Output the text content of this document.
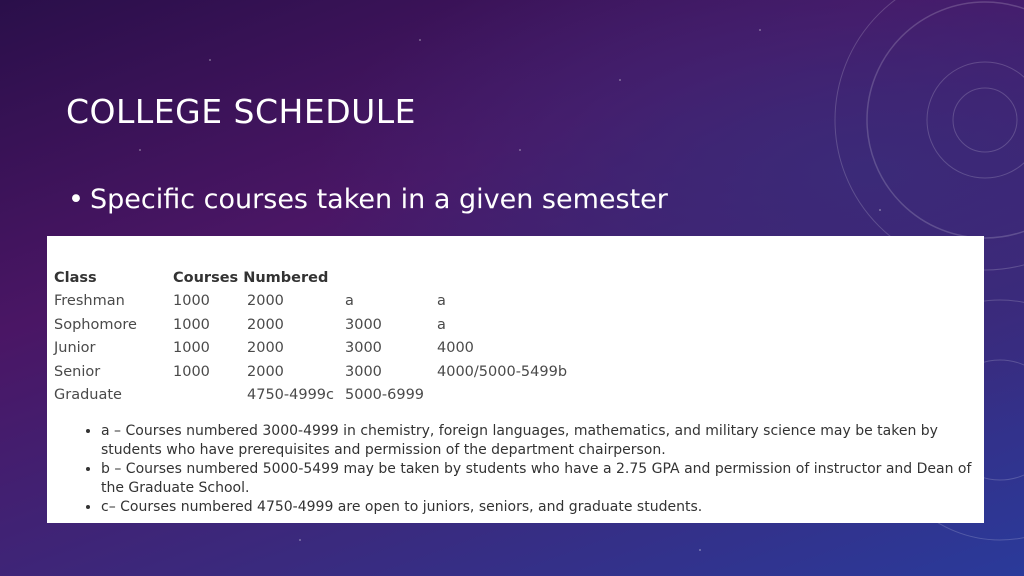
COLLEGE SCHEDULE
• Specific courses taken in a given semester
Class	Courses Numbered			
Freshman	1000	2000	a	a
Sophomore	1000	2000	3000	a
Junior	1000	2000	3000	4000
Senior	1000	2000	3000	4000/5000-5499b
Graduate		4750-4999c	5000-6999	
• a – Courses numbered 3000-4999 in chemistry, foreign languages, mathematics, and military science may be taken by students who have prerequisites and permission of the department chairperson.
• b – Courses numbered 5000-5499 may be taken by students who have a 2.75 GPA and permission of instructor and Dean of the Graduate School.
• c– Courses numbered 4750-4999 are open to juniors, seniors, and graduate students.
